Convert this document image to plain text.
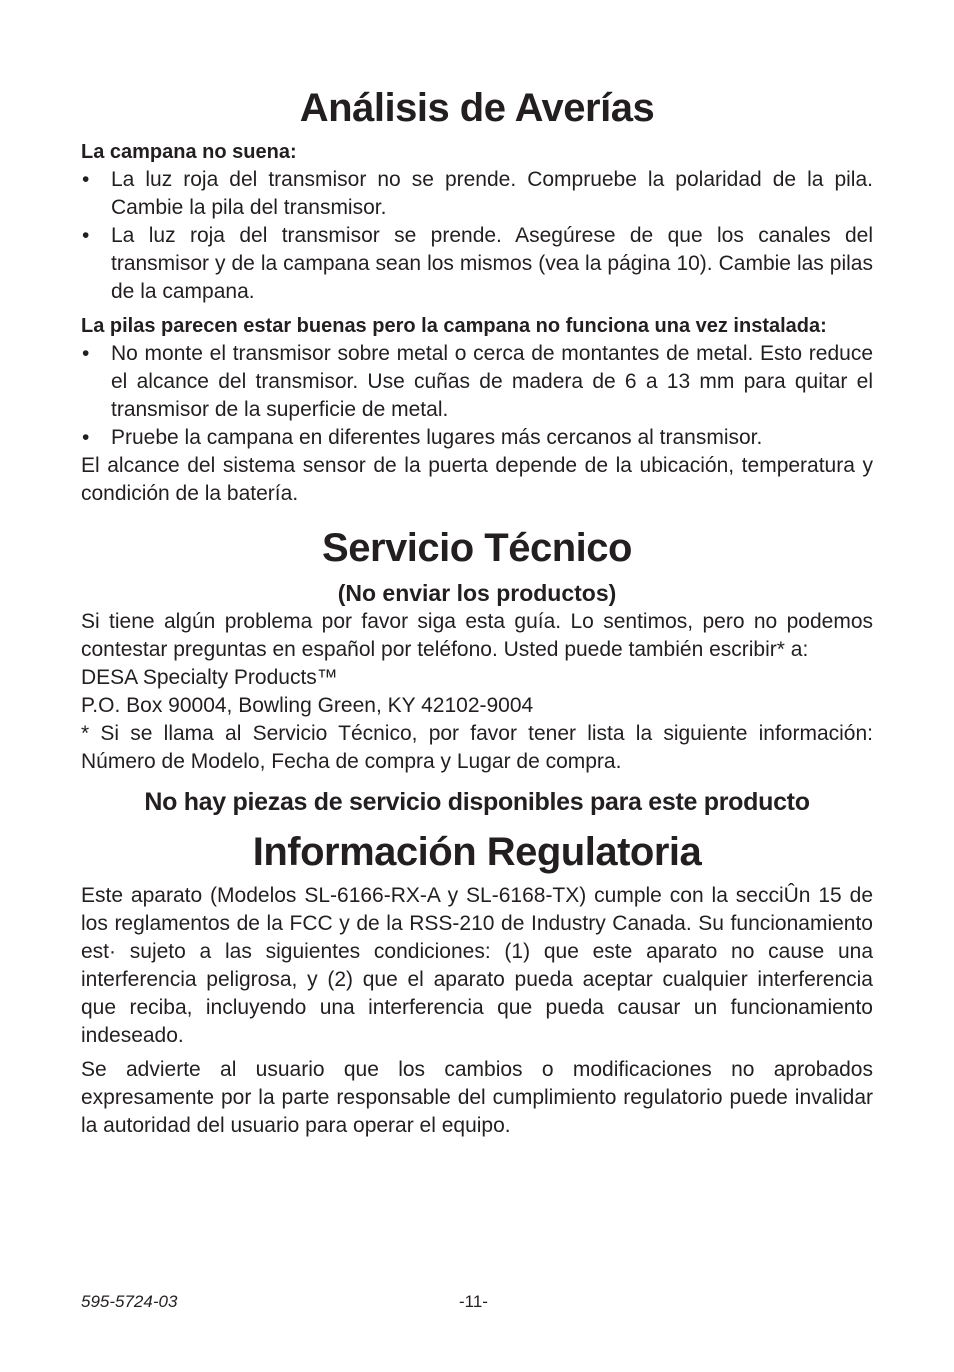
Análisis de Averías
La campana no suena:
• La luz roja del transmisor no se prende. Compruebe la polaridad de la pila. Cambie la pila del transmisor.
• La luz roja del transmisor se prende. Asegúrese de que los canales del transmisor y de la campana sean los mismos (vea la página 10). Cambie las pilas de la campana.
La pilas parecen estar buenas pero la campana no funciona una vez instalada:
• No monte el transmisor sobre metal o cerca de montantes de metal. Esto reduce el alcance del transmisor. Use cuñas de madera de 6 a 13 mm para quitar el transmisor de la superficie de metal.
• Pruebe la campana en diferentes lugares más cercanos al transmisor.

El alcance del sistema sensor de la puerta depende de la ubicación, temperatura y condición de la batería.

Servicio Técnico
(No enviar los productos)

Si tiene algún problema por favor siga esta guía. Lo sentimos, pero no podemos contestar preguntas en español por teléfono. Usted puede también escribir* a:

DESA Specialty Products™

P.O. Box 90004, Bowling Green, KY 42102-9004

* Si se llama al Servicio Técnico, por favor tener lista la siguiente información: Número de Modelo, Fecha de compra y Lugar de compra.

No hay piezas de servicio disponibles para este producto
Información Regulatoria

Este aparato (Modelos SL-6166-RX-A y SL-6168-TX) cumple con la secciÛn 15 de los reglamentos de la FCC y de la RSS-210 de Industry Canada. Su funcionamiento est· sujeto a las siguientes condiciones: (1) que este aparato no cause una interferencia peligrosa, y (2) que el aparato pueda aceptar cualquier interferencia que reciba, incluyendo una interferencia que pueda causar un funcionamiento indeseado.

Se advierte al usuario que los cambios o modificaciones no aprobados expresamente por la parte responsable del cumplimiento regulatorio puede invalidar la autoridad del usuario para operar el equipo.

595-5724-03	-11-
